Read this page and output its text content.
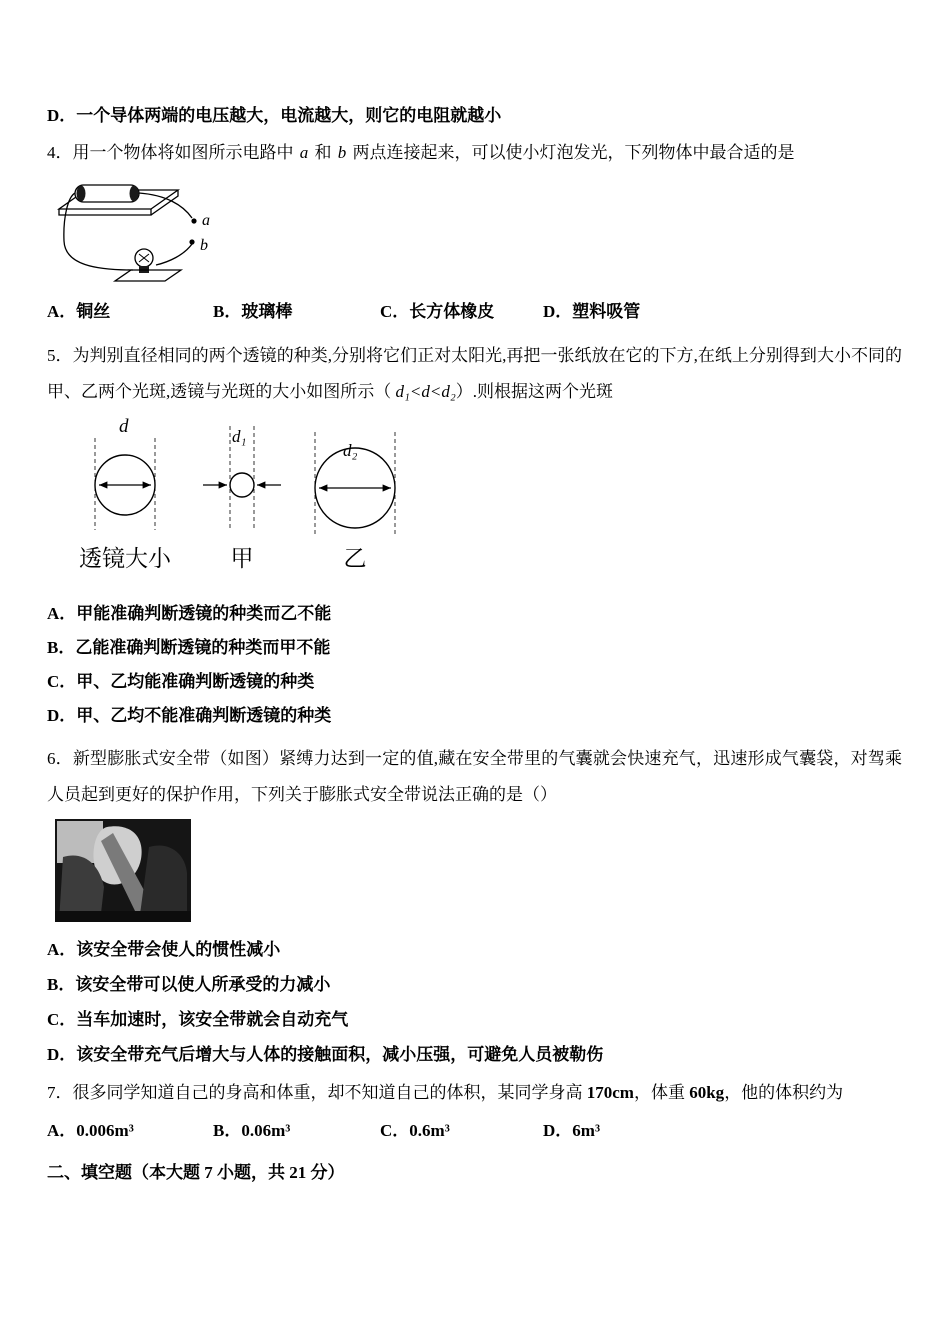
D．一个导体两端的电压越大，电流越大，则它的电阻就越小

4．用一个物体将如图所示电路中 a 和 b 两点连接起来，可以使小灯泡发光，下列物体中最合适的是

a
b
A．铜丝	B．玻璃棒	C．长方体橡皮	D．塑料吸管

5．为判别直径相同的两个透镜的种类,分别将它们正对太阳光,再把一张纸放在它的下方,在纸上分别得到大小不同的甲、乙两个光斑,透镜与光斑的大小如图所示（ d₁<d<d₂）.则根据这两个光斑

d	d₁
d₂
透镜大小	甲	乙

A．甲能准确判断透镜的种类而乙不能

B．乙能准确判断透镜的种类而甲不能

C．甲、乙均能准确判断透镜的种类

D．甲、乙均不能准确判断透镜的种类

6．新型膨胀式安全带（如图）紧缚力达到一定的值,藏在安全带里的气囊就会快速充气，迅速形成气囊袋，对驾乘人员起到更好的保护作用，下列关于膨胀式安全带说法正确的是（）

A．该安全带会使人的惯性减小

B．该安全带可以使人所承受的力减小

C．当车加速时，该安全带就会自动充气

D．该安全带充气后增大与人体的接触面积，减小压强，可避免人员被勒伤

7．很多同学知道自己的身高和体重，却不知道自己的体积，某同学身高 170cm，体重 60kg，他的体积约为

A．0.006m³	B．0.06m³	C．0.6m³	D．6m³

二、填空题（本大题 7 小题，共 21 分）
